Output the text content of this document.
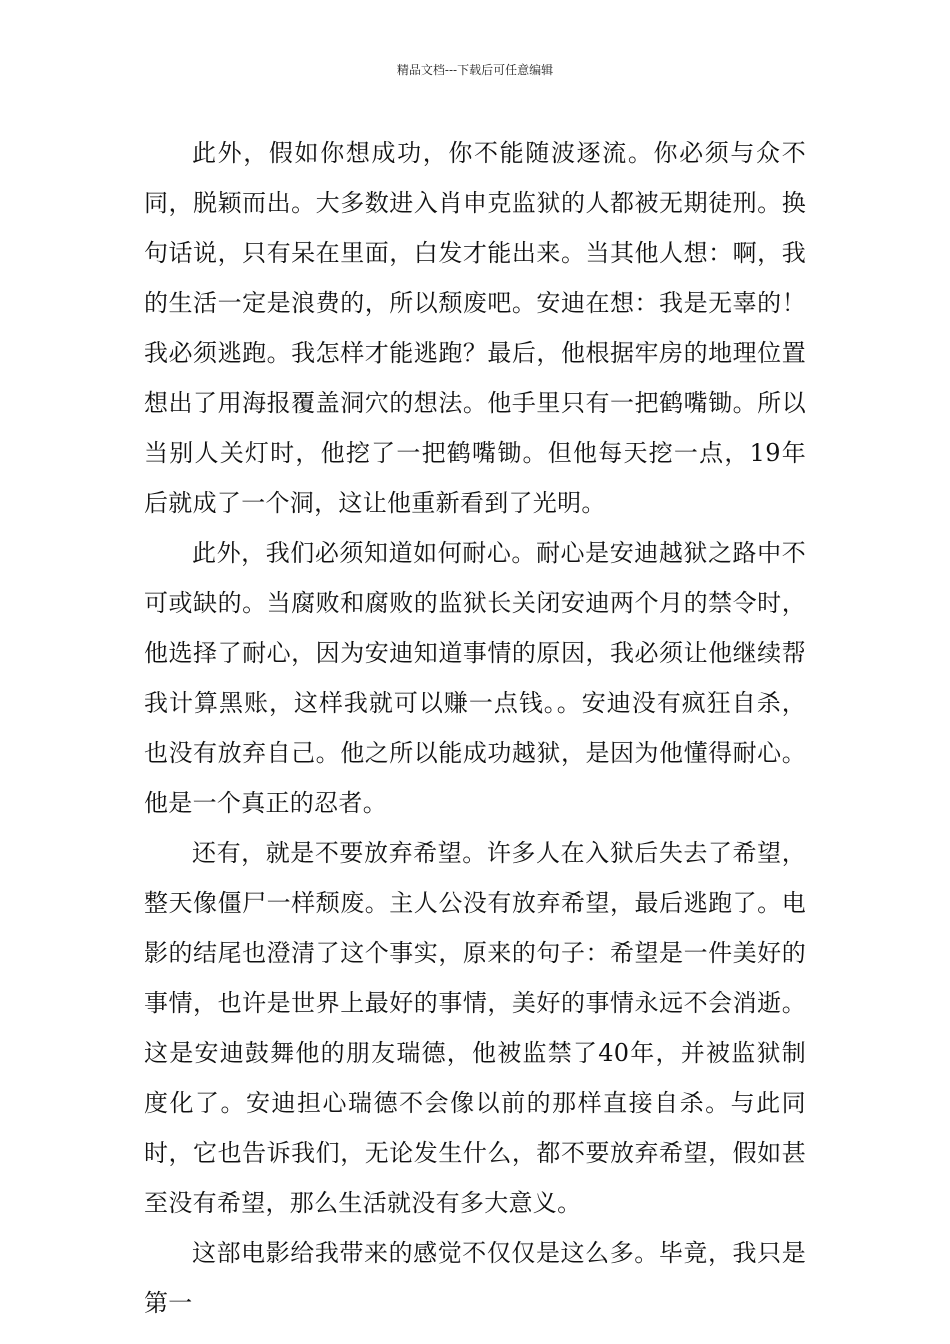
精品文档---下载后可任意编辑

此外，假如你想成功，你不能随波逐流。你必须与众不同，脱颖而出。大多数进入肖申克监狱的人都被无期徒刑。换句话说，只有呆在里面，白发才能出来。当其他人想：啊，我的生活一定是浪费的，所以颓废吧。安迪在想：我是无辜的！我必须逃跑。我怎样才能逃跑？最后，他根据牢房的地理位置想出了用海报覆盖洞穴的想法。他手里只有一把鹤嘴锄。所以当别人关灯时，他挖了一把鹤嘴锄。但他每天挖一点，19年后就成了一个洞，这让他重新看到了光明。

此外，我们必须知道如何耐心。耐心是安迪越狱之路中不可或缺的。当腐败和腐败的监狱长关闭安迪两个月的禁令时，他选择了耐心，因为安迪知道事情的原因，我必须让他继续帮我计算黑账，这样我就可以赚一点钱。。安迪没有疯狂自杀，也没有放弃自己。他之所以能成功越狱，是因为他懂得耐心。他是一个真正的忍者。

还有，就是不要放弃希望。许多人在入狱后失去了希望，整天像僵尸一样颓废。主人公没有放弃希望，最后逃跑了。电影的结尾也澄清了这个事实，原来的句子：希望是一件美好的事情，也许是世界上最好的事情，美好的事情永远不会消逝。这是安迪鼓舞他的朋友瑞德，他被监禁了40年，并被监狱制度化了。安迪担心瑞德不会像以前的那样直接自杀。与此同时，它也告诉我们，无论发生什么，都不要放弃希望，假如甚至没有希望，那么生活就没有多大意义。

这部电影给我带来的感觉不仅仅是这么多。毕竟，我只是第一
